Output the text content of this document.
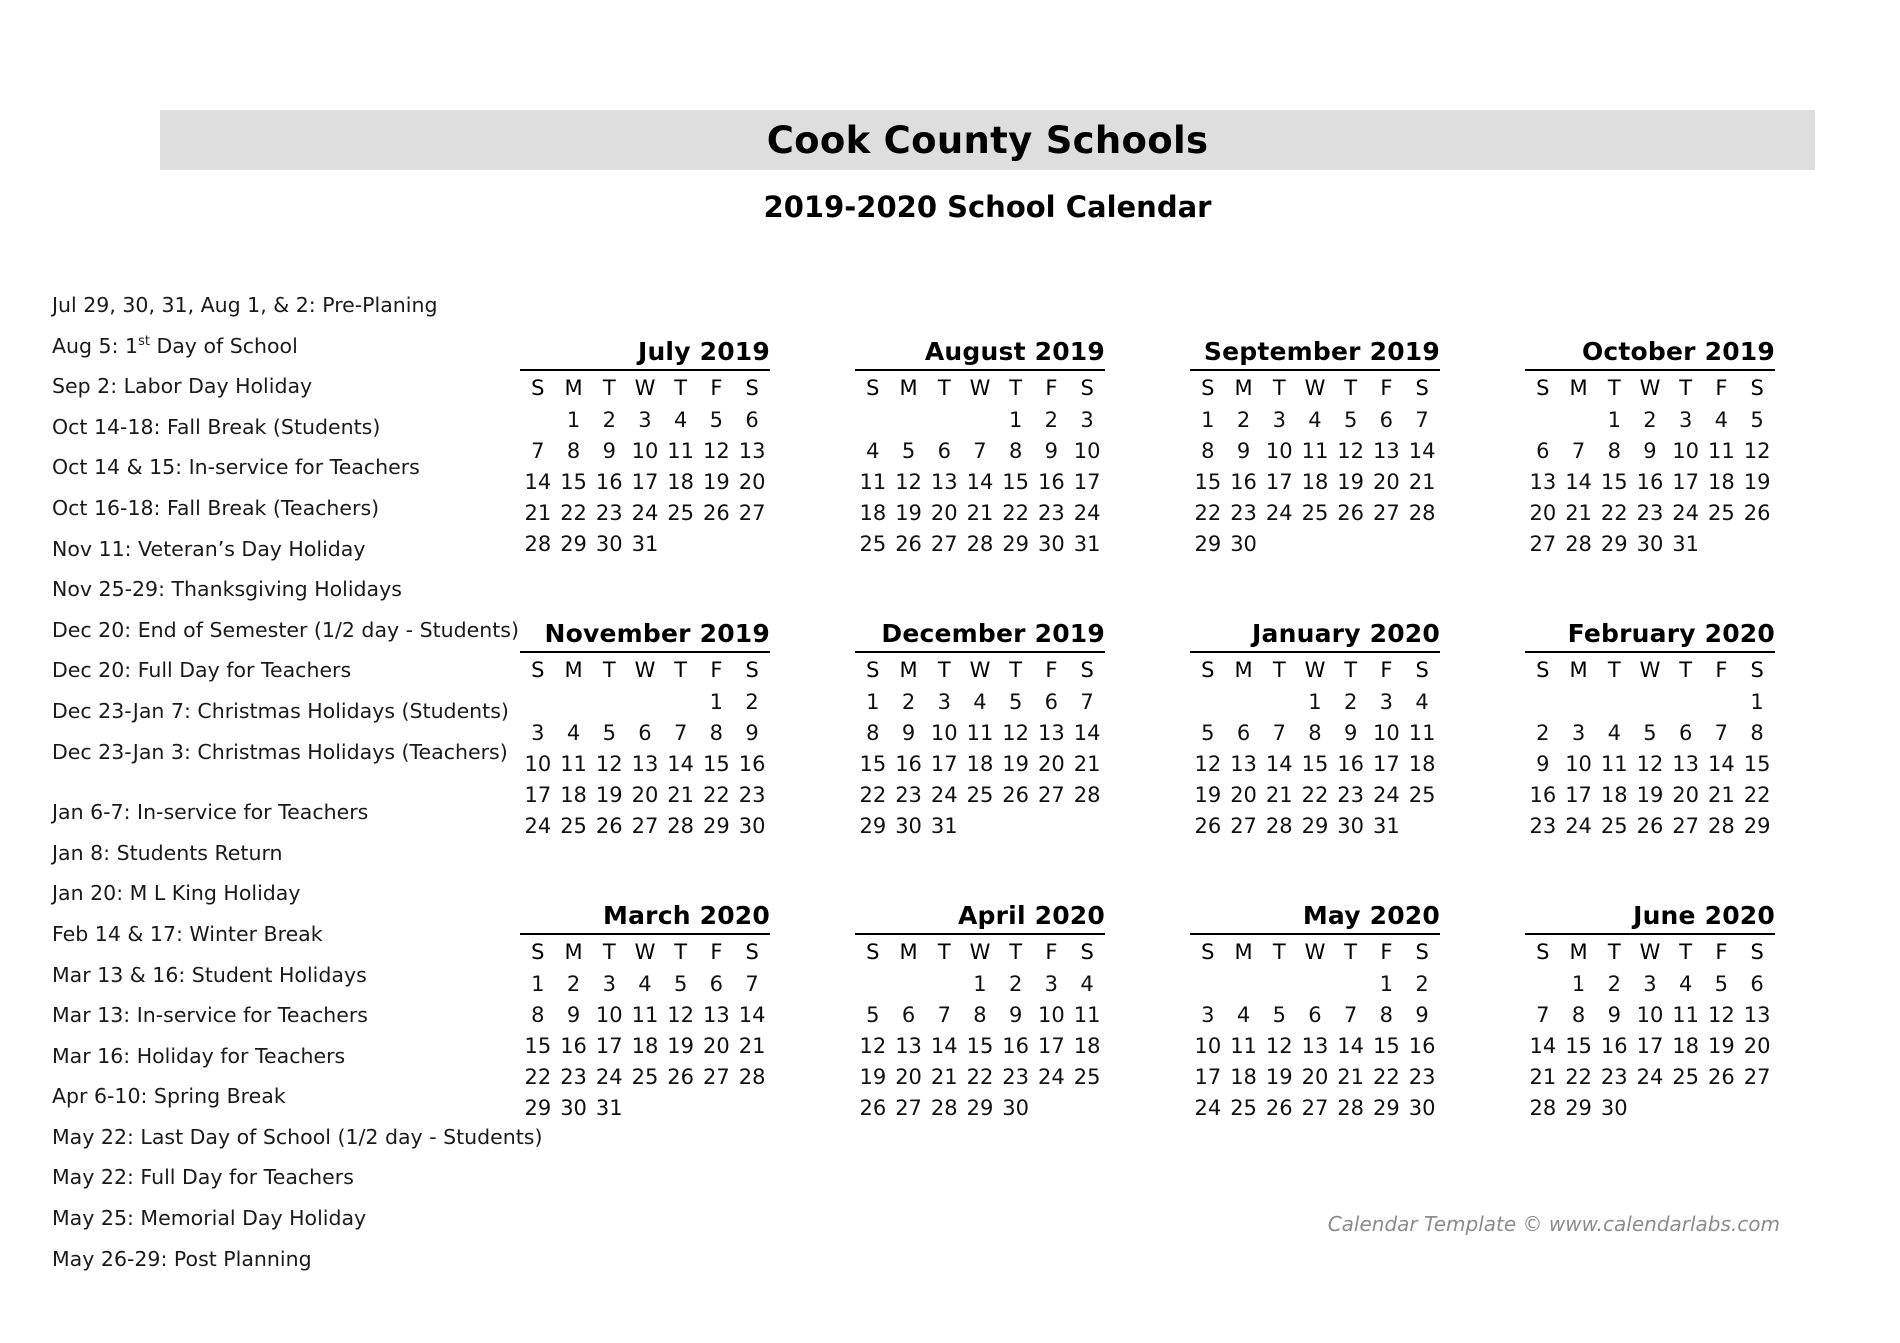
Cook County Schools
2019-2020 School Calendar
Jul 29, 30, 31, Aug 1, & 2: Pre-Planing
Aug 5: 1st Day of School
Sep 2: Labor Day Holiday
Oct 14-18: Fall Break (Students)
Oct 14 & 15: In-service for Teachers
Oct 16-18: Fall Break (Teachers)
Nov 11: Veteran’s Day Holiday
Nov 25-29: Thanksgiving Holidays
Dec 20: End of Semester (1/2 day - Students)
Dec 20: Full Day for Teachers
Dec 23-Jan 7: Christmas Holidays (Students)
Dec 23-Jan 3: Christmas Holidays (Teachers)
Jan 6-7: In-service for Teachers
Jan 8: Students Return
Jan 20: M L King Holiday
Feb 14 & 17: Winter Break
Mar 13 & 16: Student Holidays
Mar 13: In-service for Teachers
Mar 16: Holiday for Teachers
Apr 6-10: Spring Break
May 22: Last Day of School (1/2 day - Students)
May 22: Full Day for Teachers
May 25: Memorial Day Holiday
May 26-29: Post Planning
July 2019
S	M	T	W	T	F	S
	1	2	3	4	5	6
7	8	9	10	11	12	13
14	15	16	17	18	19	20
21	22	23	24	25	26	27
28	29	30	31			
August 2019
S	M	T	W	T	F	S
				1	2	3
4	5	6	7	8	9	10
11	12	13	14	15	16	17
18	19	20	21	22	23	24
25	26	27	28	29	30	31
September 2019
S	M	T	W	T	F	S
1	2	3	4	5	6	7
8	9	10	11	12	13	14
15	16	17	18	19	20	21
22	23	24	25	26	27	28
29	30					
October 2019
S	M	T	W	T	F	S
		1	2	3	4	5
6	7	8	9	10	11	12
13	14	15	16	17	18	19
20	21	22	23	24	25	26
27	28	29	30	31		
November 2019
S	M	T	W	T	F	S
					1	2
3	4	5	6	7	8	9
10	11	12	13	14	15	16
17	18	19	20	21	22	23
24	25	26	27	28	29	30
December 2019
S	M	T	W	T	F	S
1	2	3	4	5	6	7
8	9	10	11	12	13	14
15	16	17	18	19	20	21
22	23	24	25	26	27	28
29	30	31				
January 2020
S	M	T	W	T	F	S
			1	2	3	4
5	6	7	8	9	10	11
12	13	14	15	16	17	18
19	20	21	22	23	24	25
26	27	28	29	30	31	
February 2020
S	M	T	W	T	F	S
						1
2	3	4	5	6	7	8
9	10	11	12	13	14	15
16	17	18	19	20	21	22
23	24	25	26	27	28	29
March 2020
S	M	T	W	T	F	S
1	2	3	4	5	6	7
8	9	10	11	12	13	14
15	16	17	18	19	20	21
22	23	24	25	26	27	28
29	30	31				
April 2020
S	M	T	W	T	F	S
			1	2	3	4
5	6	7	8	9	10	11
12	13	14	15	16	17	18
19	20	21	22	23	24	25
26	27	28	29	30		
May 2020
S	M	T	W	T	F	S
					1	2
3	4	5	6	7	8	9
10	11	12	13	14	15	16
17	18	19	20	21	22	23
24	25	26	27	28	29	30
June 2020
S	M	T	W	T	F	S
	1	2	3	4	5	6
7	8	9	10	11	12	13
14	15	16	17	18	19	20
21	22	23	24	25	26	27
28	29	30				
Calendar Template © www.calendarlabs.com
